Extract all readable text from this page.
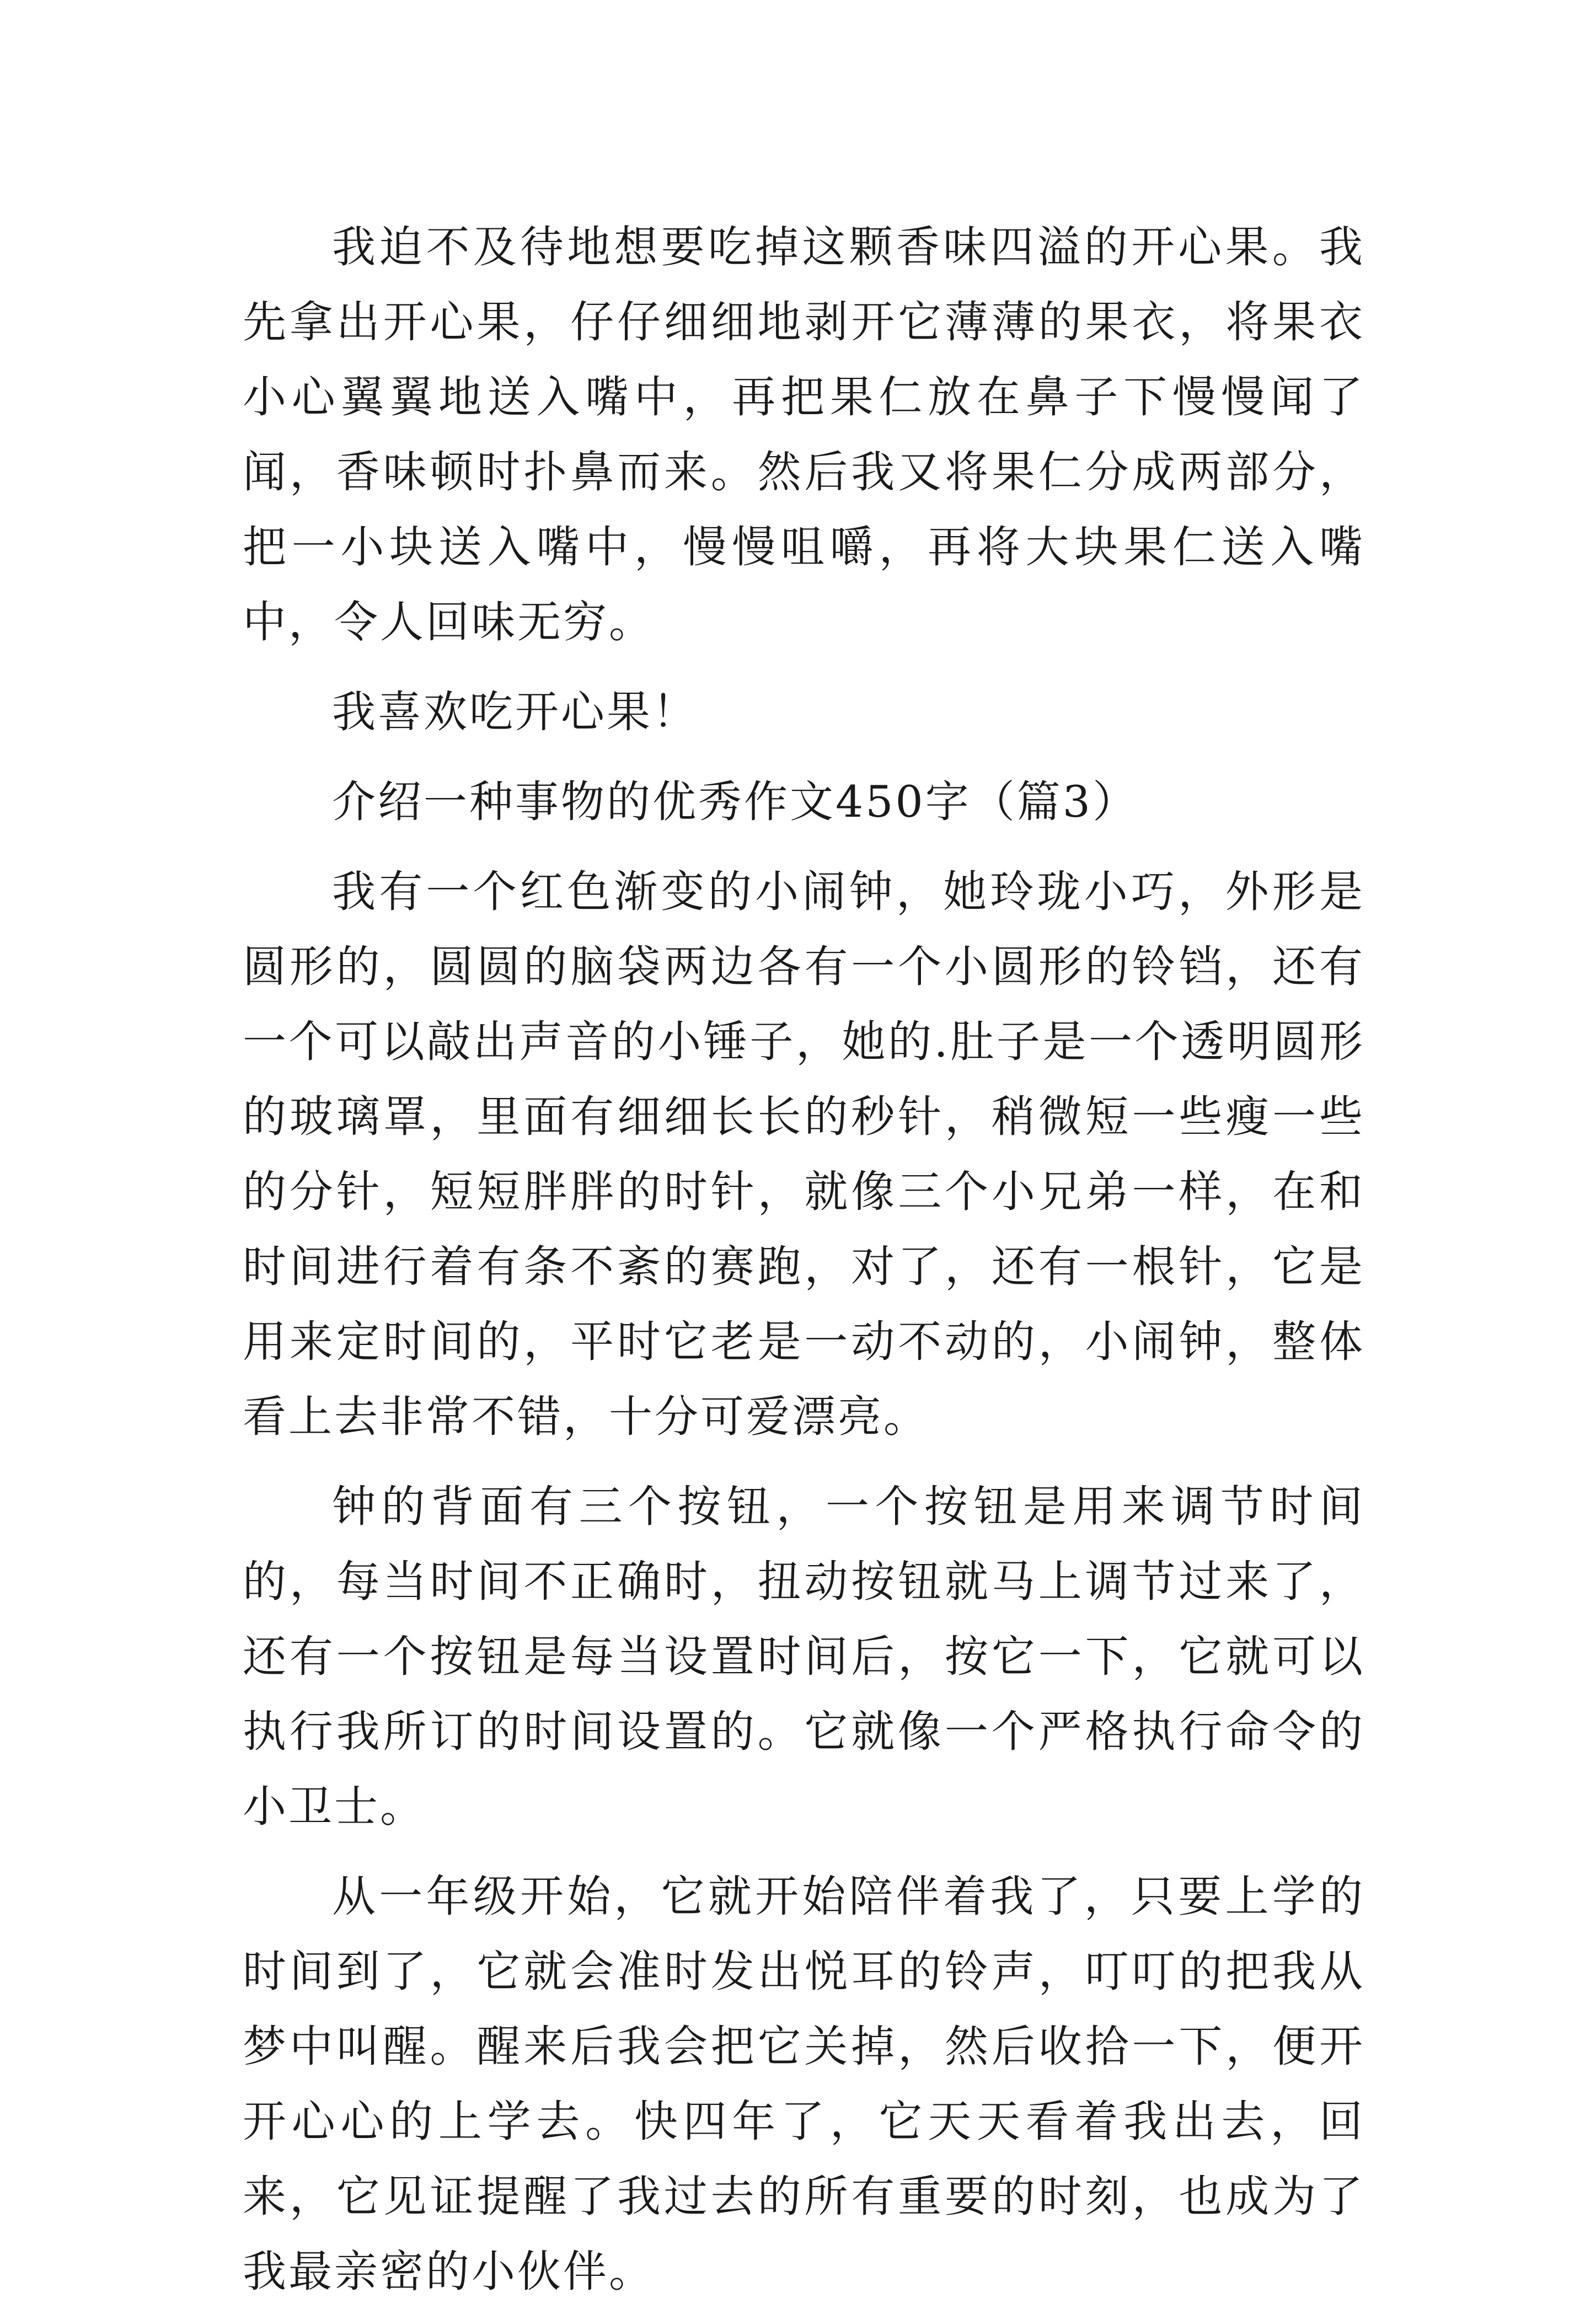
我迫不及待地想要吃掉这颗香味四溢的开心果。我先拿出开心果，仔仔细细地剥开它薄薄的果衣，将果衣小心翼翼地送入嘴中，再把果仁放在鼻子下慢慢闻了闻，香味顿时扑鼻而来。然后我又将果仁分成两部分，把一小块送入嘴中，慢慢咀嚼，再将大块果仁送入嘴中，令人回味无穷。

我喜欢吃开心果！

介绍一种事物的优秀作文450字（篇3）

我有一个红色渐变的小闹钟，她玲珑小巧，外形是圆形的，圆圆的脑袋两边各有一个小圆形的铃铛，还有一个可以敲出声音的小锤子，她的.肚子是一个透明圆形的玻璃罩，里面有细细长长的秒针，稍微短一些瘦一些的分针，短短胖胖的时针，就像三个小兄弟一样，在和时间进行着有条不紊的赛跑，对了，还有一根针，它是用来定时间的，平时它老是一动不动的，小闹钟，整体看上去非常不错，十分可爱漂亮。

钟的背面有三个按钮，一个按钮是用来调节时间的，每当时间不正确时，扭动按钮就马上调节过来了，还有一个按钮是每当设置时间后，按它一下，它就可以执行我所订的时间设置的。它就像一个严格执行命令的小卫士。

从一年级开始，它就开始陪伴着我了，只要上学的时间到了，它就会准时发出悦耳的铃声，叮叮的把我从梦中叫醒。醒来后我会把它关掉，然后收拾一下，便开开心心的上学去。快四年了，它天天看着我出去，回来，它见证提醒了我过去的所有重要的时刻，也成为了我最亲密的小伙伴。
